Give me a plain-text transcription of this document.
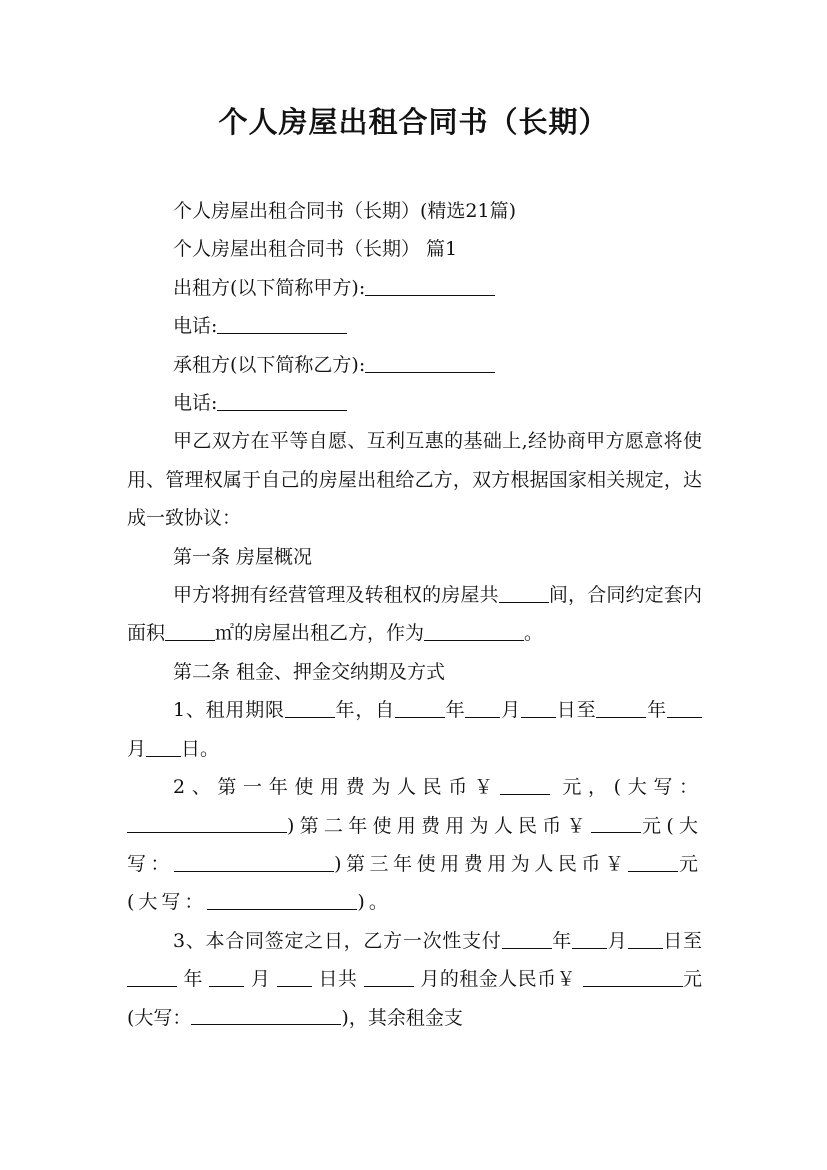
个人房屋出租合同书（长期）

个人房屋出租合同书（长期）(精选21篇)

个人房屋出租合同书（长期） 篇1

出租方(以下简称甲方):

电话:

承租方(以下简称乙方):

电话:

甲乙双方在平等自愿、互利互惠的基础上,经协商甲方愿意将使用、管理权属于自己的房屋出租给乙方，双方根据国家相关规定，达成一致协议：

第一条 房屋概况

甲方将拥有经营管理及转租权的房屋共	间，合同约定套内面积	㎡的房屋出租乙方，作为	。

第二条 租金、押金交纳期及方式

1、租用期限	年，自	年 月 日至	年月 日。

2、第一年使用费为人民币￥	元，(大写：)第二年使用费用为人民币￥	元(大写：	)第三年使用费用为人民币￥	元(大写：	)。

3、本合同签定之日，乙方一次性支付	年 月 日至  年	月	日共	月的租金人民币￥	元(大写：	)，其余租金支
